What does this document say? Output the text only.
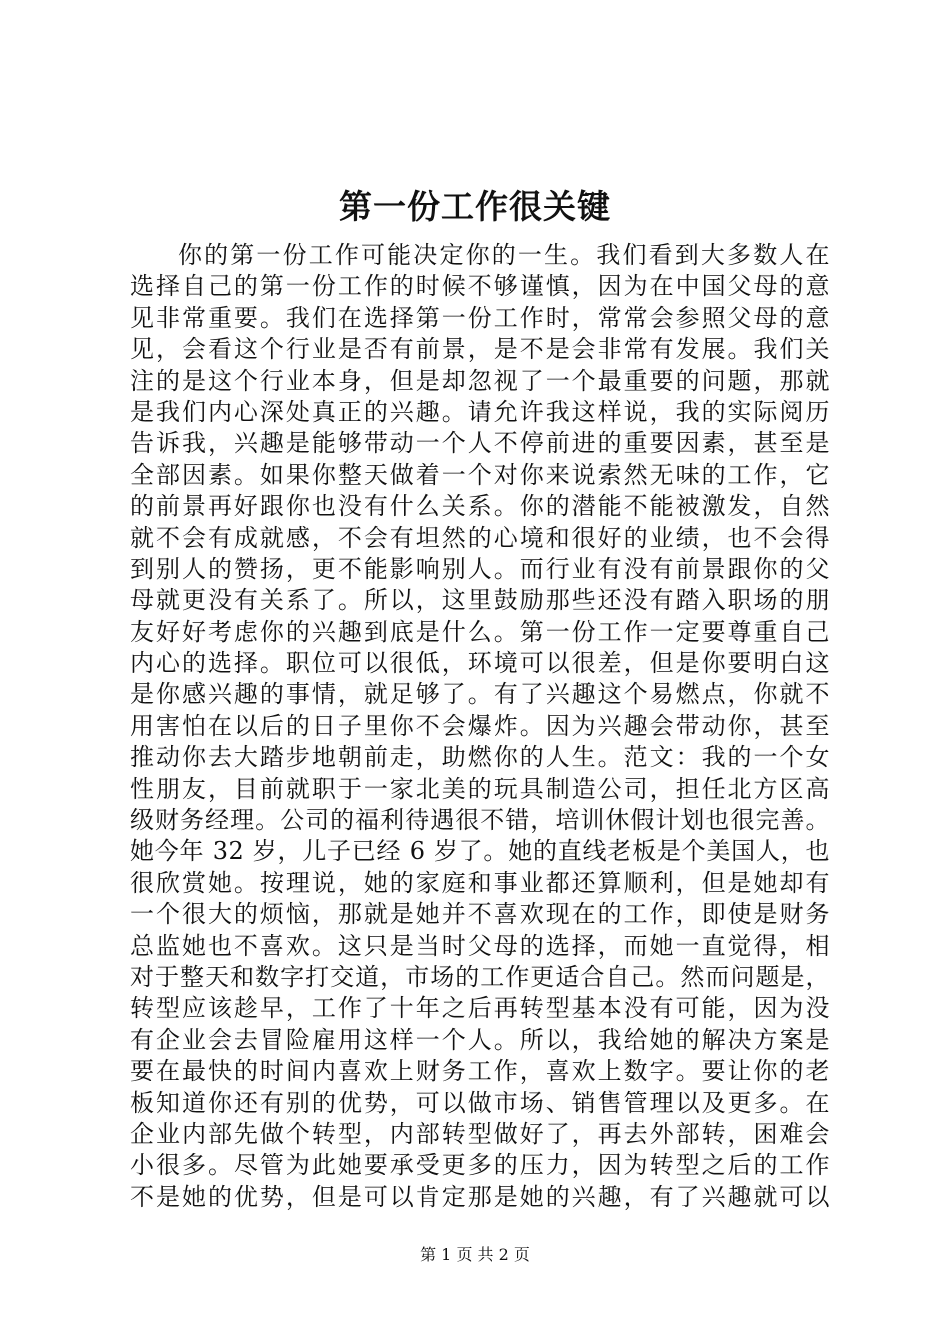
第一份工作很关键
你的第一份工作可能决定你的一生。我们看到大多数人在
选择自己的第一份工作的时候不够谨慎，因为在中国父母的意
见非常重要。我们在选择第一份工作时，常常会参照父母的意
见，会看这个行业是否有前景，是不是会非常有发展。我们关
注的是这个行业本身，但是却忽视了一个最重要的问题，那就
是我们内心深处真正的兴趣。请允许我这样说，我的实际阅历
告诉我，兴趣是能够带动一个人不停前进的重要因素，甚至是
全部因素。如果你整天做着一个对你来说索然无味的工作，它
的前景再好跟你也没有什么关系。你的潜能不能被激发，自然
就不会有成就感，不会有坦然的心境和很好的业绩，也不会得
到别人的赞扬，更不能影响别人。而行业有没有前景跟你的父
母就更没有关系了。所以，这里鼓励那些还没有踏入职场的朋
友好好考虑你的兴趣到底是什么。第一份工作一定要尊重自己
内心的选择。职位可以很低，环境可以很差，但是你要明白这
是你感兴趣的事情，就足够了。有了兴趣这个易燃点，你就不
用害怕在以后的日子里你不会爆炸。因为兴趣会带动你，甚至
推动你去大踏步地朝前走，助燃你的人生。范文：我的一个女
性朋友，目前就职于一家北美的玩具制造公司，担任北方区高
级财务经理。公司的福利待遇很不错，培训休假计划也很完善。
她今年 32 岁，儿子已经 6 岁了。她的直线老板是个美国人，也
很欣赏她。按理说，她的家庭和事业都还算顺利，但是她却有
一个很大的烦恼，那就是她并不喜欢现在的工作，即使是财务
总监她也不喜欢。这只是当时父母的选择，而她一直觉得，相
对于整天和数字打交道，市场的工作更适合自己。然而问题是，
转型应该趁早，工作了十年之后再转型基本没有可能，因为没
有企业会去冒险雇用这样一个人。所以，我给她的解决方案是
要在最快的时间内喜欢上财务工作，喜欢上数字。要让你的老
板知道你还有别的优势，可以做市场、销售管理以及更多。在
企业内部先做个转型，内部转型做好了，再去外部转，困难会
小很多。尽管为此她要承受更多的压力，因为转型之后的工作
不是她的优势，但是可以肯定那是她的兴趣，有了兴趣就可以
第 1 页 共 2 页
